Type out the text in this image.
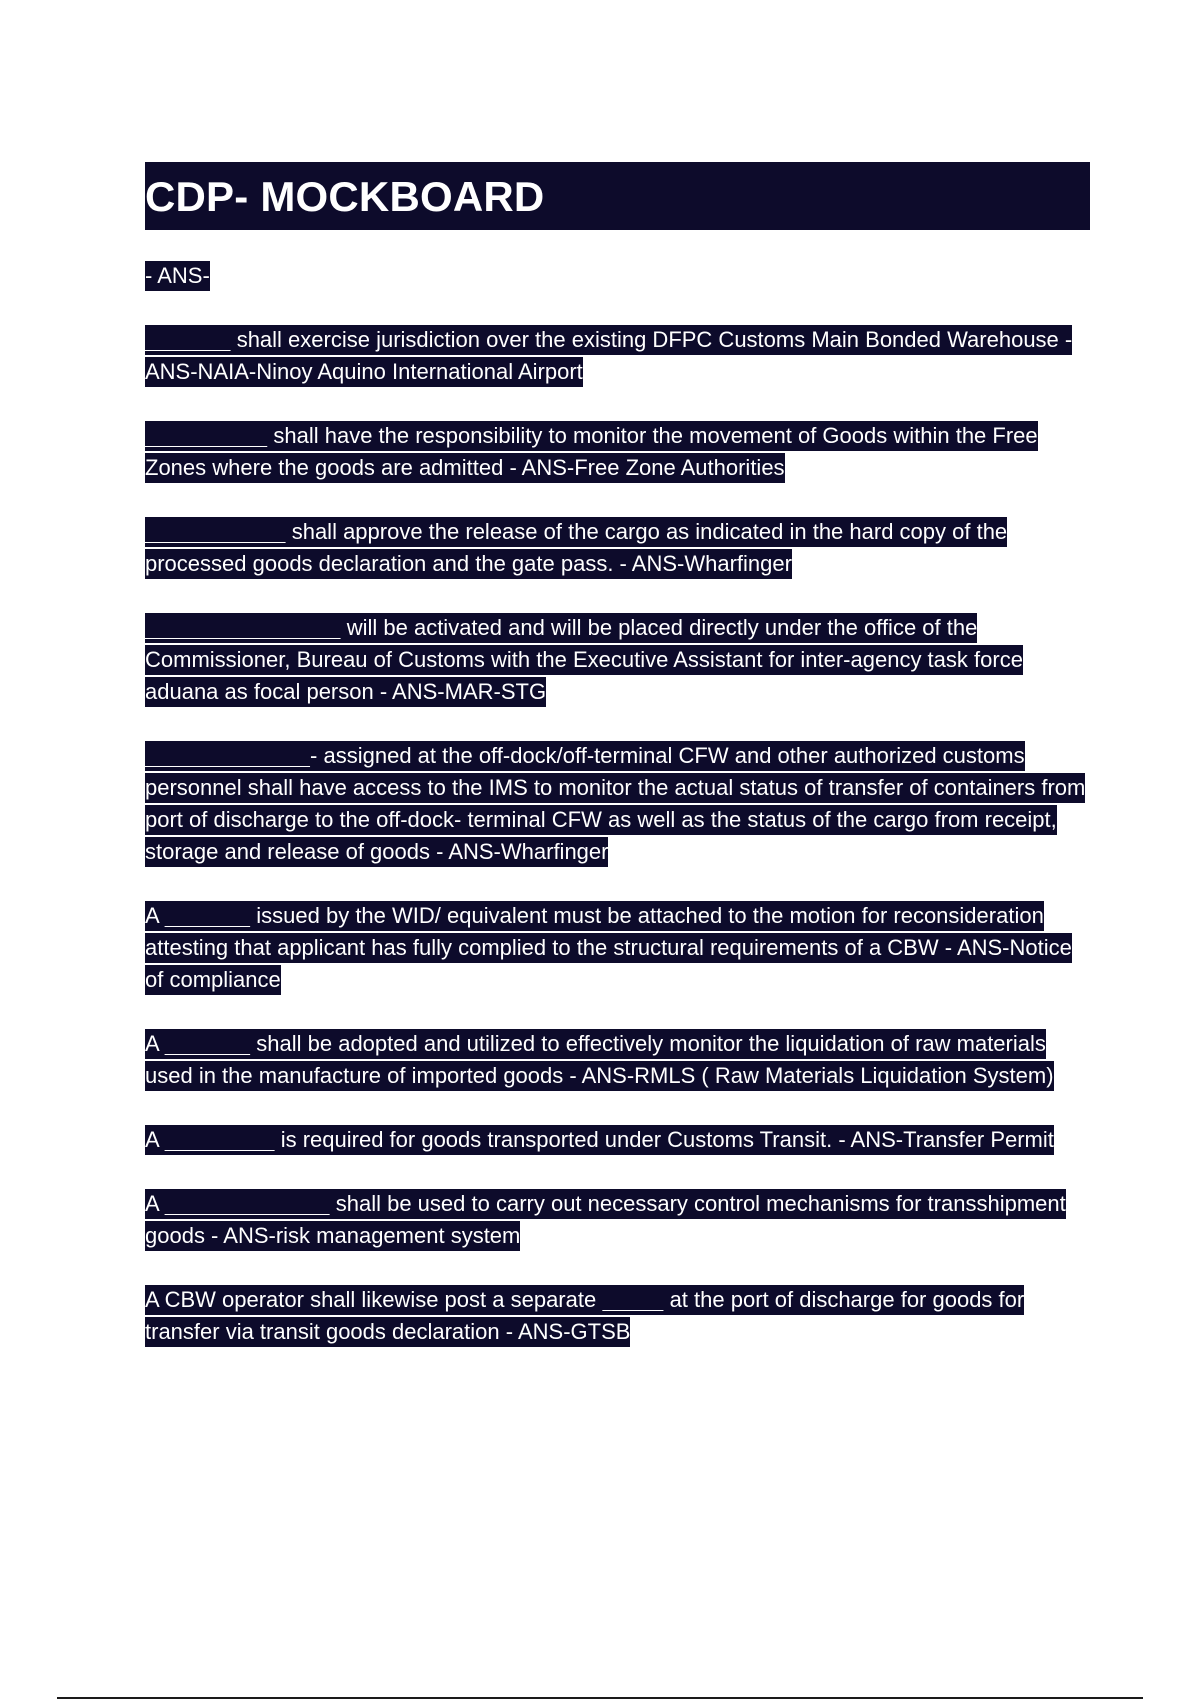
CDP- MOCKBOARD
- ANS-
shall exercise jurisdiction over the existing DFPC Customs Main Bonded Warehouse - ANS-NAIA-Ninoy Aquino International Airport
shall have the responsibility to monitor the movement of Goods within the Free Zones where the goods are admitted - ANS-Free Zone Authorities
shall approve the release of the cargo as indicated in the hard copy of the processed goods declaration and the gate pass. - ANS-Wharfinger
will be activated and will be placed directly under the office of the Commissioner, Bureau of Customs with the Executive Assistant for inter-agency task force aduana as focal person - ANS-MAR-STG
- assigned at the off-dock/off-terminal CFW and other authorized customs personnel shall have access to the IMS to monitor the actual status of transfer of containers from port of discharge to the off-dock- terminal CFW as well as the status of the cargo from receipt, storage and release of goods - ANS-Wharfinger
A	issued by the WID/ equivalent must be attached to the motion for reconsideration attesting that applicant has fully complied to the structural requirements of a CBW - ANS-Notice of compliance
A	shall be adopted and utilized to effectively monitor the liquidation of raw materials used in the manufacture of imported goods - ANS-RMLS ( Raw Materials Liquidation System)
A	is required for goods transported under Customs Transit. - ANS-Transfer Permit
A	shall be used to carry out necessary control mechanisms for transshipment goods - ANS-risk management system
A CBW operator shall likewise post a separate	at the port of discharge for goods for transfer via transit goods declaration - ANS-GTSB
